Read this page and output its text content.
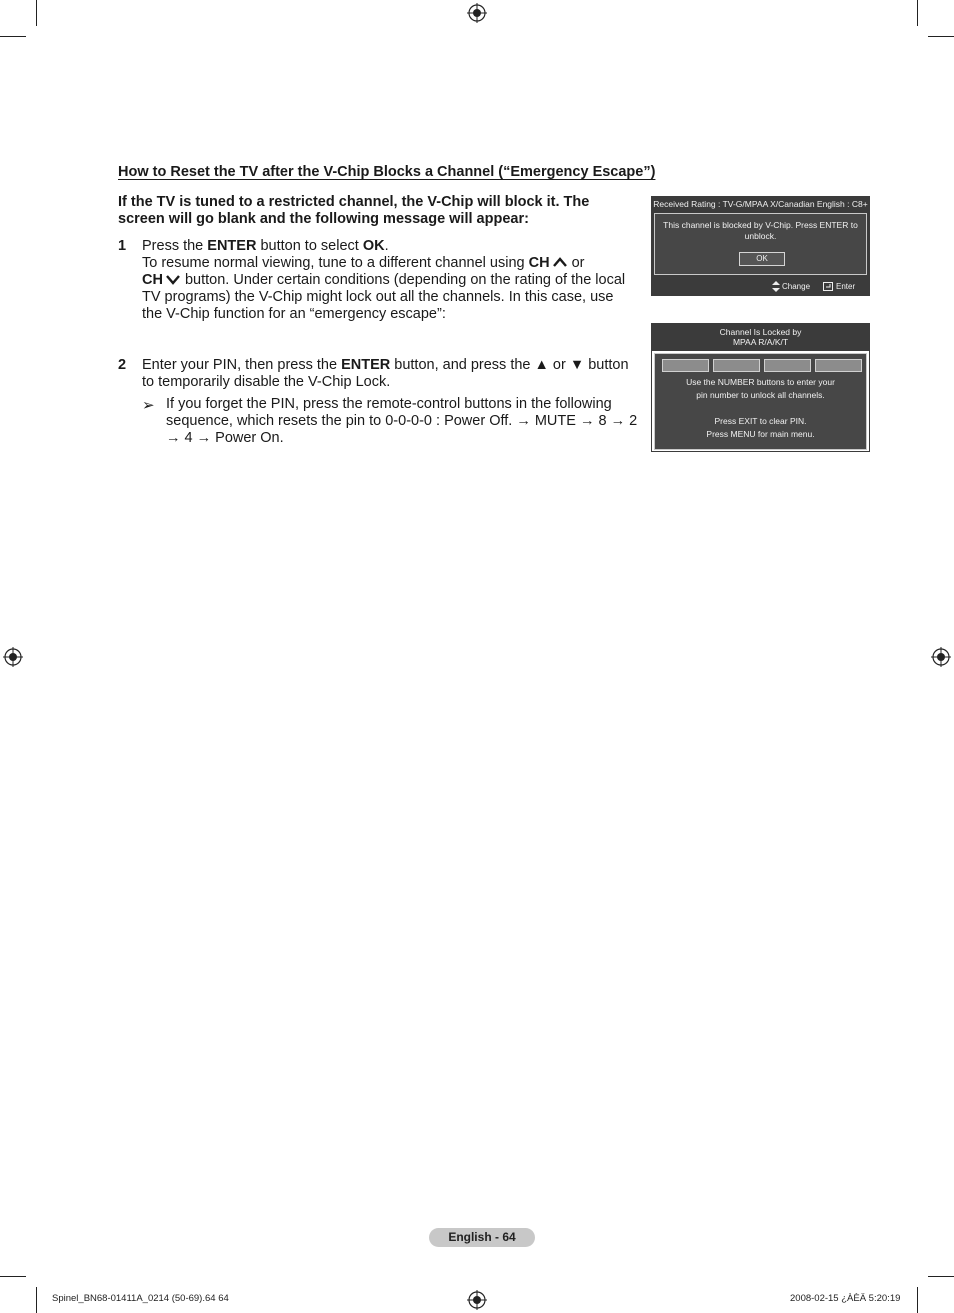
How to Reset the TV after the V-Chip Blocks a Channel (“Emergency Escape”)
If the TV is tuned to a restricted channel, the V-Chip will block it. The screen will go blank and the following message will appear:
1 Press the ENTER button to select OK.
To resume normal viewing, tune to a different channel using CH or
CH button. Under certain conditions (depending on the rating of the local TV programs) the V-Chip might lock out all the channels. In this case, use the V-Chip function for an “emergency escape”:
2 Enter your PIN, then press the ENTER button, and press the ▲ or ▼ button to temporarily disable the V-Chip Lock.
➢ If you forget the PIN, press the remote-control buttons in the following sequence, which resets the pin to 0-0-0-0 : Power Off. → MUTE → 8 → 2 → 4 → Power On.
Received Rating : TV-G/MPAA X/Canadian English : C8+
This channel is blocked by V-Chip. Press ENTER to unblock.
OK
Change	Enter
Channel Is Locked by
MPAA R/A/K/T
Use the NUMBER buttons to enter your
pin number to unlock all channels.
Press EXIT to clear PIN.
Press MENU for main menu.
English - 64
Spinel_BN68-01411A_0214 (50-69).64 64	2008-02-15 ¿ÀÈÄ 5:20:19
